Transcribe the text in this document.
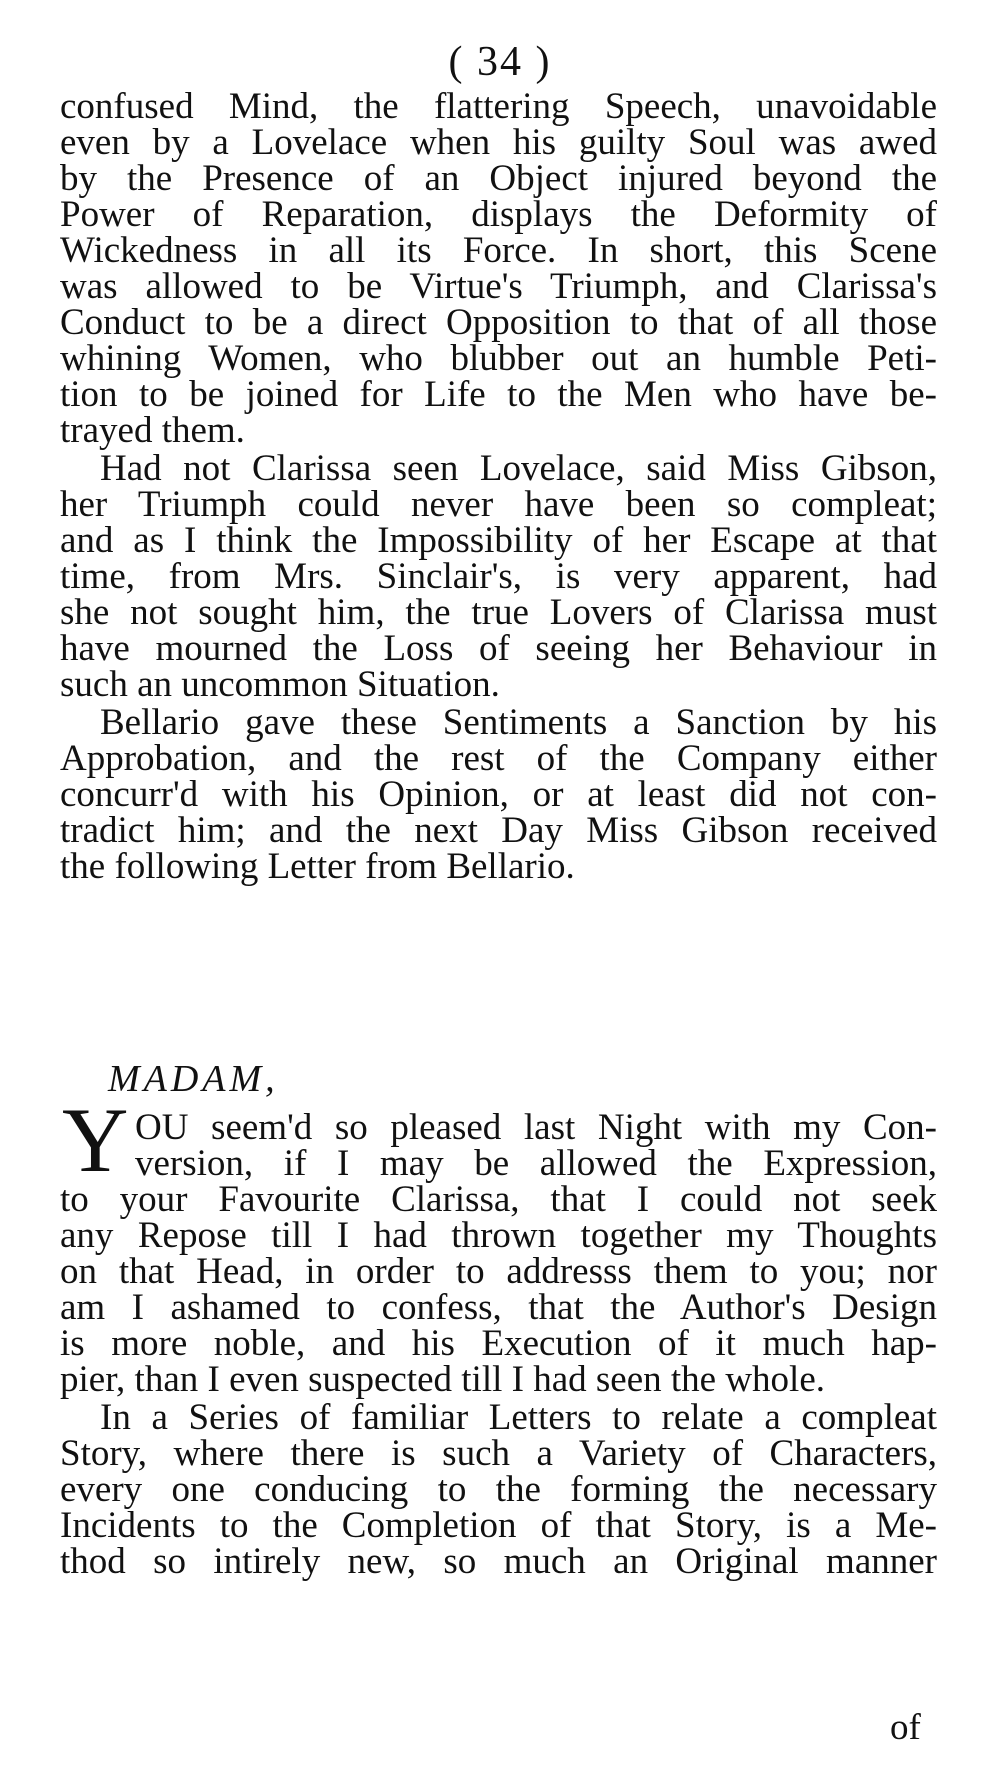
( 34 )
confused Mind, the flattering Speech, unavoidable
even by a Lovelace when his guilty Soul was awed
by the Presence of an Object injured beyond the
Power of Reparation, displays the Deformity of
Wickedness in all its Force. In short, this Scene
was allowed to be Virtue's Triumph, and Clarissa's
Conduct to be a direct Opposition to that of all those
whining Women, who blubber out an humble Peti-
tion to be joined for Life to the Men who have be-
trayed them.
Had not Clarissa seen Lovelace, said Miss Gibson,
her Triumph could never have been so compleat;
and as I think the Impossibility of her Escape at that
time, from Mrs. Sinclair's, is very apparent, had
she not sought him, the true Lovers of Clarissa must
have mourned the Loss of seeing her Behaviour in
such an uncommon Situation.
Bellario gave these Sentiments a Sanction by his
Approbation, and the rest of the Company either
concurr'd with his Opinion, or at least did not con-
tradict him; and the next Day Miss Gibson received
the following Letter from Bellario.
MADAM,
Y OU seem'd so pleased last Night with my Con-
version, if I may be allowed the Expression,
to your Favourite Clarissa, that I could not seek
any Repose till I had thrown together my Thoughts
on that Head, in order to addresss them to you; nor
am I ashamed to confess, that the Author's Design
is more noble, and his Execution of it much hap-
pier, than I even suspected till I had seen the whole.
In a Series of familiar Letters to relate a compleat
Story, where there is such a Variety of Characters,
every one conducing to the forming the necessary
Incidents to the Completion of that Story, is a Me-
thod so intirely new, so much an Original manner
of
